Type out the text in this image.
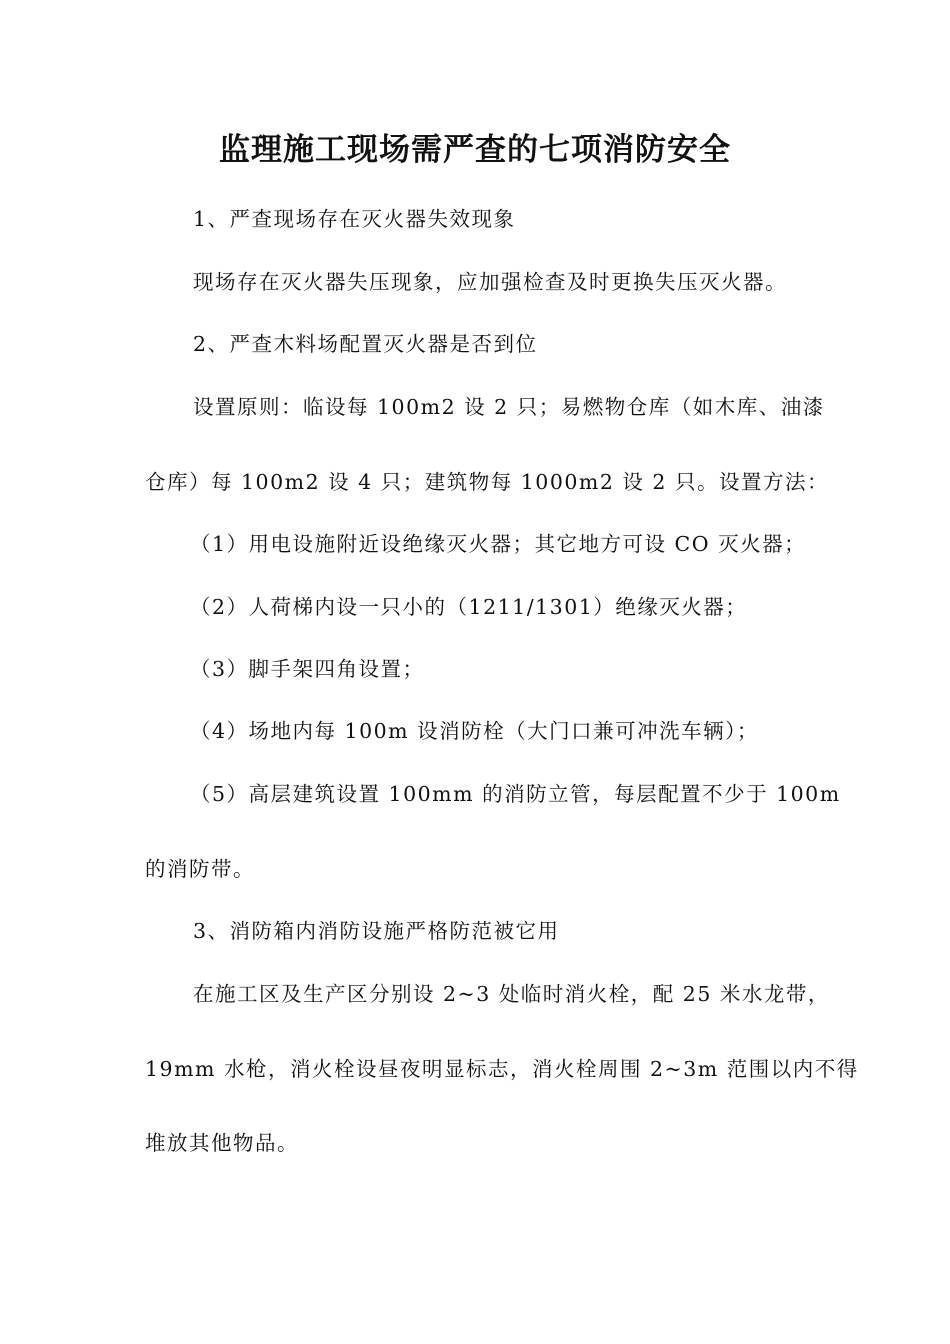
监理施工现场需严查的七项消防安全
1、严查现场存在灭火器失效现象
现场存在灭火器失压现象，应加强检查及时更换失压灭火器。
2、严查木料场配置灭火器是否到位
设置原则：临设每 100m2 设 2 只；易燃物仓库（如木库、油漆
仓库）每 100m2 设 4 只；建筑物每 1000m2 设 2 只。设置方法：
（1）用电设施附近设绝缘灭火器；其它地方可设 CO 灭火器；
（2）人荷梯内设一只小的（1211/1301）绝缘灭火器；
（3）脚手架四角设置；
（4）场地内每 100m 设消防栓（大门口兼可冲洗车辆）；
（5）高层建筑设置 100mm 的消防立管，每层配置不少于 100m
的消防带。
3、消防箱内消防设施严格防范被它用
在施工区及生产区分别设 2~3 处临时消火栓，配 25 米水龙带，
19mm 水枪，消火栓设昼夜明显标志，消火栓周围 2~3m 范围以内不得
堆放其他物品。
